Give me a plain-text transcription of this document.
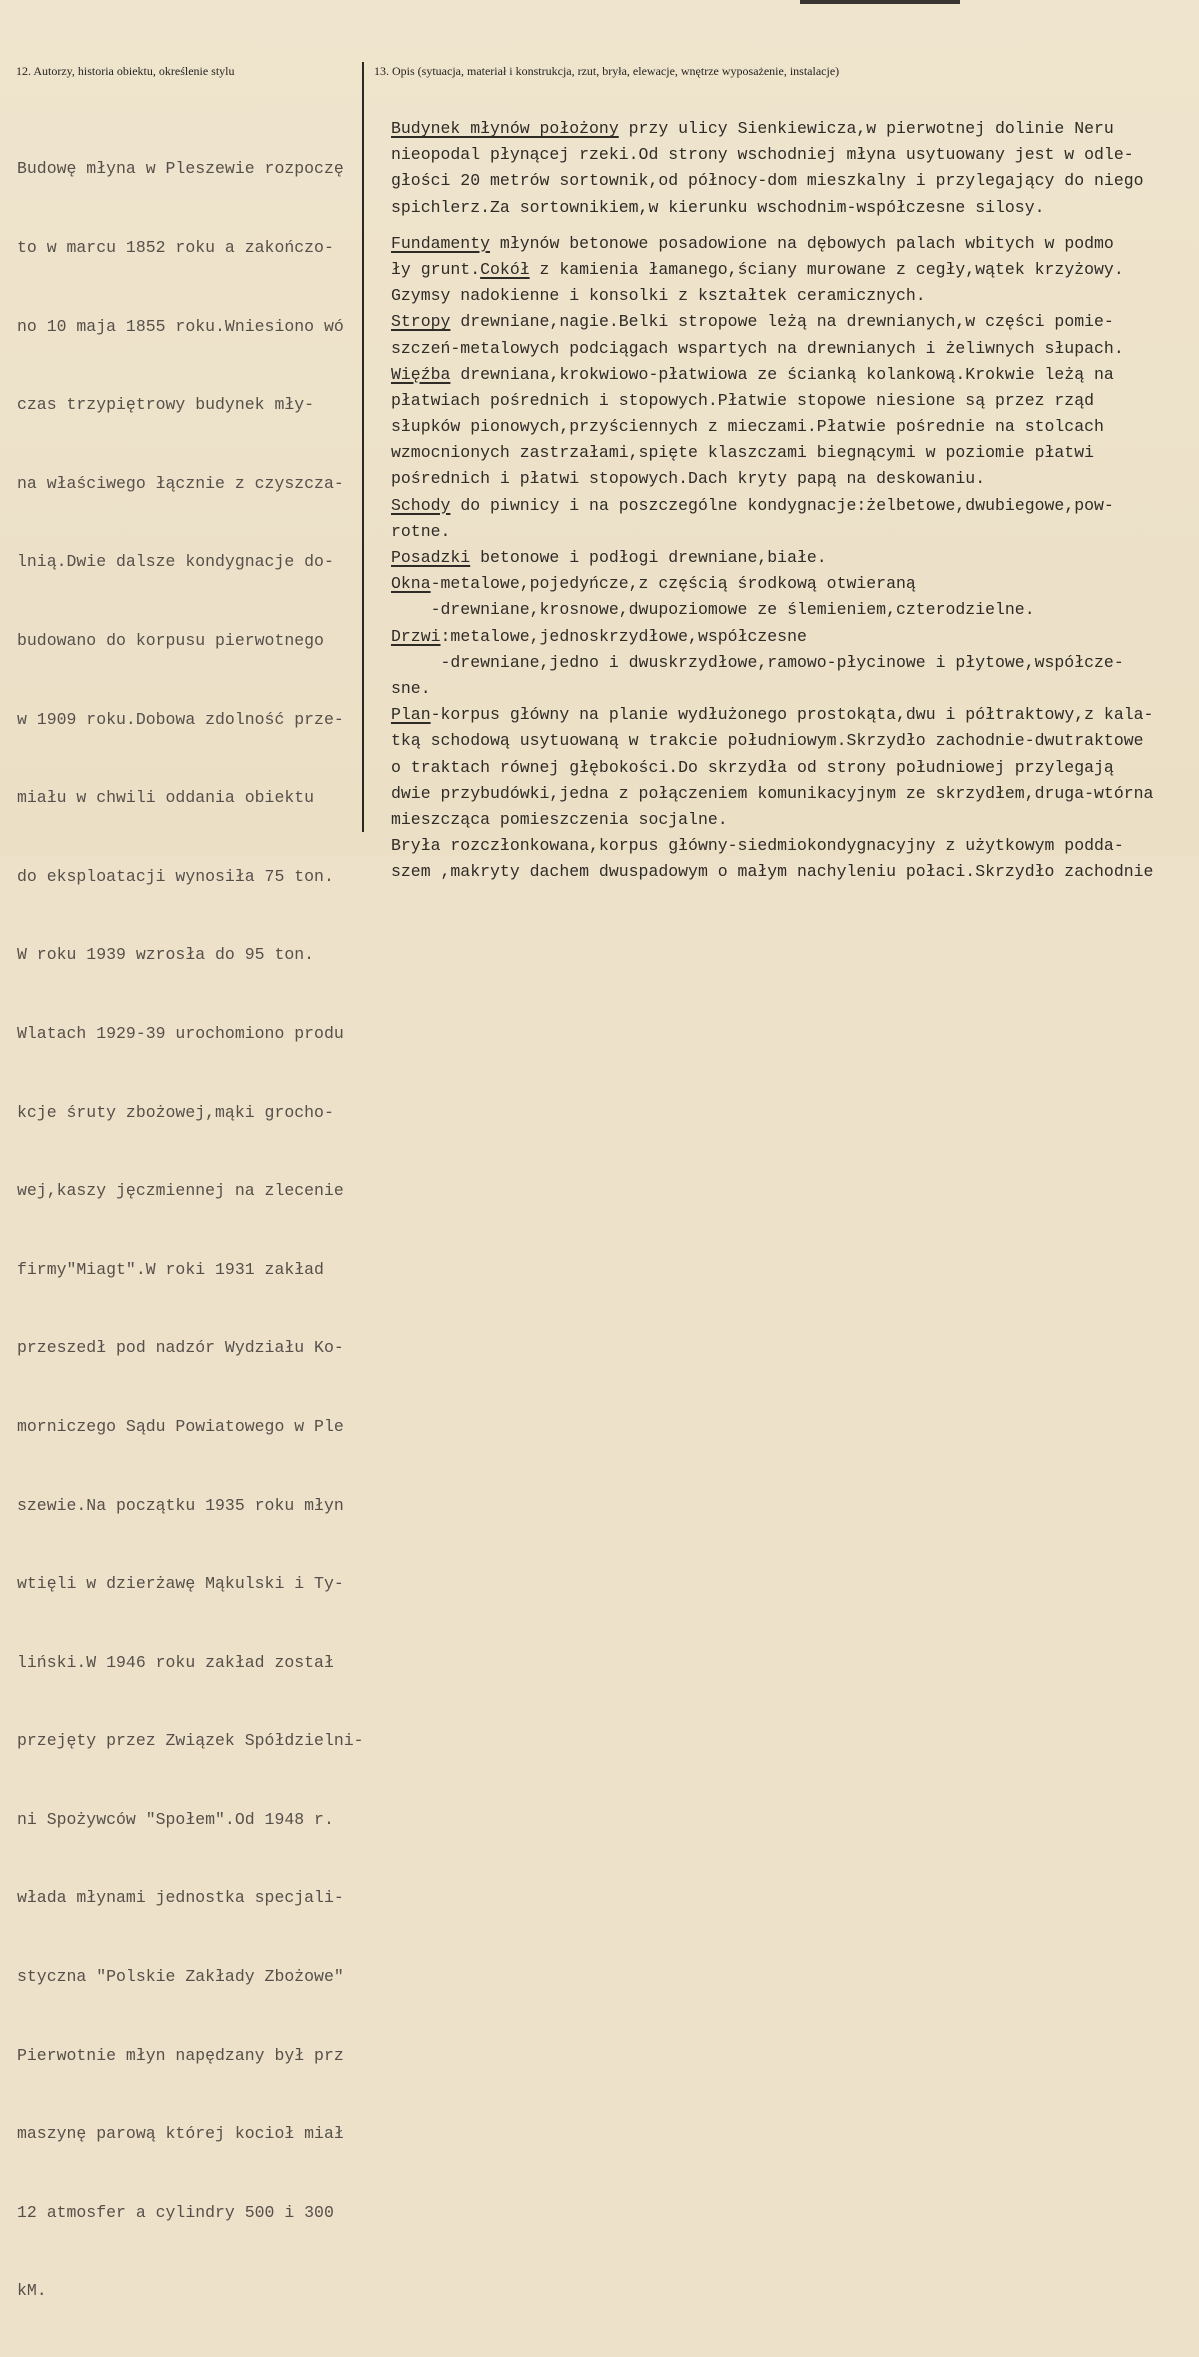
12. Autorzy, historia obiektu, określenie stylu	13. Opis (sytuacja, materiał i konstrukcja, rzut, bryła, elewacje, wnętrze wyposażenie, instalacje)

Budowę młyna w Pleszewie rozpoczę

to w marcu 1852 roku a zakończo-

no 10 maja 1855 roku.Wniesiono wó

czas trzypiętrowy budynek mły-

na właściwego łącznie z czyszcza-

lnią.Dwie dalsze kondygnacje do-

budowano do korpusu pierwotnego

w 1909 roku.Dobowa zdolność prze-

miału w chwili oddania obiektu

do eksploatacji wynosiła 75 ton.

W roku 1939 wzrosła do 95 ton.

Wlatach 1929-39 urochomiono produ

kcje śruty zbożowej,mąki grocho-

wej,kaszy jęczmiennej na zlecenie

firmy"Miagt".W roki 1931 zakład

przeszedł pod nadzór Wydziału Ko-

morniczego Sądu Powiatowego w Ple

szewie.Na początku 1935 roku młyn

wtięli w dzierżawę Mąkulski i Ty-

liński.W 1946 roku zakład został

przejęty przez Związek Spółdzielni-

ni Spożywców "Społem".Od 1948 r.

włada młynami jednostka specjali-

styczna "Polskie Zakłady Zbożowe"

Pierwotnie młyn napędzany był prz

maszynę parową której kocioł miał

12 atmosfer a cylindry 500 i 300

kM.

Budynek młynów położony przy ulicy Sienkiewicza,w pierwotnej dolinie Neru
nieopodal płynącej rzeki.Od strony wschodniej młyna usytuowany jest w odle-
głości 20 metrów sortownik,od północy-dom mieszkalny i przylegający do niego
spichlerz.Za sortownikiem,w kierunku wschodnim-współczesne silosy.
Fundamenty młynów betonowe posadowione na dębowych palach wbitych w podmo
ły grunt.Cokół z kamienia łamanego,ściany murowane z cegły,wątek krzyżowy.
Gzymsy nadokienne i konsolki z kształtek ceramicznych.
Stropy drewniane,nagie.Belki stropowe leżą na drewnianych,w części pomie-
szczeń-metalowych podciągach wspartych na drewnianych i żeliwnych słupach.
Więźba drewniana,krokwiowo-płatwiowa ze ścianką kolankową.Krokwie leżą na
płatwiach pośrednich i stopowych.Płatwie stopowe niesione są przez rząd
słupków pionowych,przyściennych z mieczami.Płatwie pośrednie na stolcach
wzmocnionych zastrzałami,spięte klaszczami biegnącymi w poziomie płatwi
pośrednich i płatwi stopowych.Dach kryty papą na deskowaniu.
Schody do piwnicy i na poszczególne kondygnacje:żelbetowe,dwubiegowe,pow-
rotne.
Posadzki betonowe i podłogi drewniane,białe.
Okna-metalowe,pojedyńcze,z częścią środkową otwieraną
-drewniane,krosnowe,dwupoziomowe ze ślemieniem,czterodzielne.
Drzwi:metalowe,jednoskrzydłowe,współczesne
-drewniane,jedno i dwuskrzydłowe,ramowo-płycinowe i płytowe,współcze-
sne.
Plan-korpus główny na planie wydłużonego prostokąta,dwu i półtraktowy,z kala-
tką schodową usytuowaną w trakcie południowym.Skrzydło zachodnie-dwutraktowe
o traktach równej głębokości.Do skrzydła od strony południowej przylegają
dwie przybudówki,jedna z połączeniem komunikacyjnym ze skrzydłem,druga-wtórna
mieszcząca pomieszczenia socjalne.
Bryła rozczłonkowana,korpus główny-siedmiokondygnacyjny z użytkowym podda-
szem ,makryty dachem dwuspadowym o małym nachyleniu połaci.Skrzydło zachodnie
